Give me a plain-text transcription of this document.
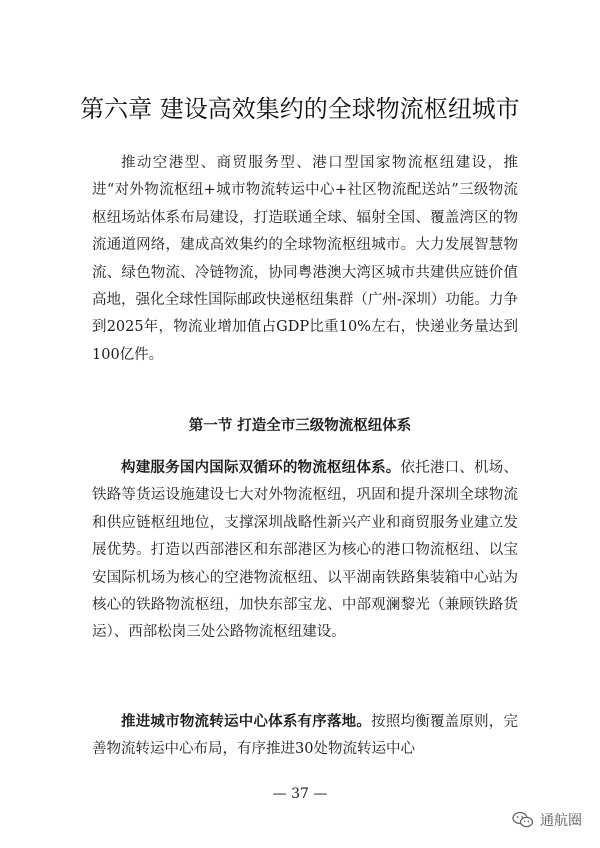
第六章 建设高效集约的全球物流枢纽城市

推动空港型、商贸服务型、港口型国家物流枢纽建设，推进“对外物流枢纽+城市物流转运中心+社区物流配送站”三级物流枢纽场站体系布局建设，打造联通全球、辐射全国、覆盖湾区的物流通道网络，建成高效集约的全球物流枢纽城市。大力发展智慧物流、绿色物流、冷链物流，协同粤港澳大湾区城市共建供应链价值高地，强化全球性国际邮政快递枢纽集群（广州-深圳）功能。力争到2025年，物流业增加值占GDP比重10%左右，快递业务量达到100亿件。

第一节 打造全市三级物流枢纽体系

构建服务国内国际双循环的物流枢纽体系。依托港口、机场、铁路等货运设施建设七大对外物流枢纽，巩固和提升深圳全球物流和供应链枢纽地位，支撑深圳战略性新兴产业和商贸服务业建立发展优势。打造以西部港区和东部港区为核心的港口物流枢纽、以宝安国际机场为核心的空港物流枢纽、以平湖南铁路集装箱中心站为核心的铁路物流枢纽，加快东部宝龙、中部观澜黎光（兼顾铁路货运）、西部松岗三处公路物流枢纽建设。

推进城市物流转运中心体系有序落地。按照均衡覆盖原则，完善物流转运中心布局，有序推进30处物流转运中心

— 37 —
通航圈
